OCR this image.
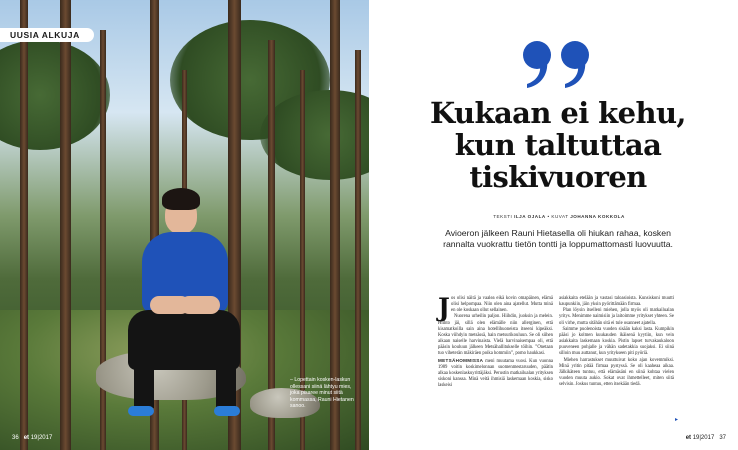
UUSIA ALKUJA
– Lopettain kosken-laskun ollessani siinä lähtyu mies, joka pisaree minut siitä kommassa, Rauni Hietanen sanoo.
36 et 19|2017
Kukaan ei kehu, kun taltuttaa tiskivuoren
TEKSTI ILJA OJALA • KUVAT JOHANNA KOKKOLA
Avioeron jälkeen Rauni Hietasella oli hiukan rahaa, kosken rannalta vuokrattu tietön tontti ja loppumattomasti luovuutta.
J os olisi näitä ja vaalea eikä kovin omapäinen, elämä olisi helpompaa. Niin olen aina ajatellut. Mutta minä en ole koskaan ollut sellainen.
Nuorena urheilin paljon. Hiihdin, juoksin ja melein. Hiihto jäi, sillä olen elämälle niin allerginen, että kisamatkoilla sain aina hotellihuoneista itseeni kipeäksi. Koska viihdyin metsässä, hain metsurikouluun. Se oli siihen aikaan naiselle harvinaista. Vielä harvinaisempaa oli, että pääsin kouluun jälkeen Metsähallitukselle töihin. ”Onetaan tuo viheterän mäkiräen poika hommiin”, pomo haukkasi.
METSÄHOMMISSA meni muutama vuosi. Kun vuonna 1989 voitin koskimelonnan suomenmestaruuden, päätin alkaa koskenlaskuyrittäjäksi. Perustin matkailualan yrityksen siskoni kanssa. Minä veitä ihmisiä laskemaan koskia, sisko laskeisi
asiakkaita etelään ja vastasi taloasioista. Kunsiskoni muutti kaupunkiin, jäin yksin pyörittämään firmaa.
Plan löysin itselleni miehen, jolla myös oli matkailualan yritys. Menimme naimisiin ja laitoimme yritykset yhteen. Se oli virhe, mutta sitähän sitä ei tule osanneet ajatella.
Saimme puolenoista vuoden sisään kaksi lasta. Kumpikin pääsi jo kolmen kuukauden ikäisenä kyytiin, kun vein asiakkaita laskemaan koskia. Pistin lapset turvakaukaloon puuveneen pohjalle ja vähän sadetakkia suojaksi. Ei siinä silloin muu auttanut, kun yritykseen piti pyöriä.
Miehen harrastukset muuttuivat koko ajan kovemmiksi. Minä yritin pitää firmaa pystyssä. Se oli kaaheaa aikaa. Jälkikäteen tuntuu, että elämäsäni en siinä kohtaa vielen vuoden muuta aukio. Sokat ovat ihmettelleet, miten siitä selvisin. Joskus tuntuu, etten itsekään tiedä.
▸
et 19|2017 37
